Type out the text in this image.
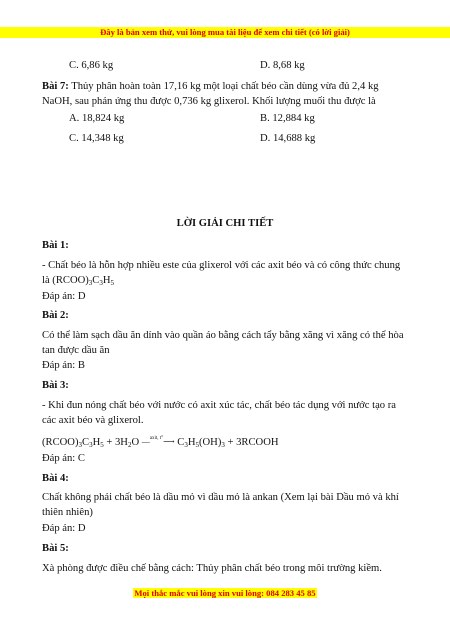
Đây là bản xem thử, vui lòng mua tài liệu để xem chi tiết (có lời giải)
C. 6,86 kg	D. 8,68 kg
Bài 7: Thủy phân hoàn toàn 17,16 kg một loại chất béo cần dùng vừa đủ 2,4 kg NaOH, sau phản ứng thu được 0,736 kg glixerol. Khối lượng muối thu được là
A. 18,824 kg	B. 12,884 kg
C. 14,348 kg	D. 14,688 kg
LỜI GIẢI CHI TIẾT
Bài 1:
- Chất béo là hỗn hợp nhiều este của glixerol với các axit béo và có công thức chung là $(RCOO)_3C_3H_5$
Đáp án: D
Bài 2:
Có thể làm sạch dầu ăn dính vào quần áo bằng cách tẩy bằng xăng vì xăng có thể hòa tan được dầu ăn
Đáp án: B
Bài 3:
- Khi đun nóng chất béo với nước có axit xúc tác, chất béo tác dụng với nước tạo ra các axit béo và glixerol.
$(RCOO)_3C_3H_5 + 3H_2O$ —$^{axit, t^\circ}$⟶ $C_3H_5(OH)_3$ + 3RCOOH
Đáp án: C
Bài 4:
Chất không phải chất béo là dầu mỏ vì dầu mỏ là ankan (Xem lại bài Dầu mỏ và khí thiên nhiên)
Đáp án: D
Bài 5:
Xà phòng được điều chế bằng cách: Thủy phân chất béo trong môi trường kiềm.
Mọi thắc mắc vui lòng xin vui lòng: 084 283 45 85
